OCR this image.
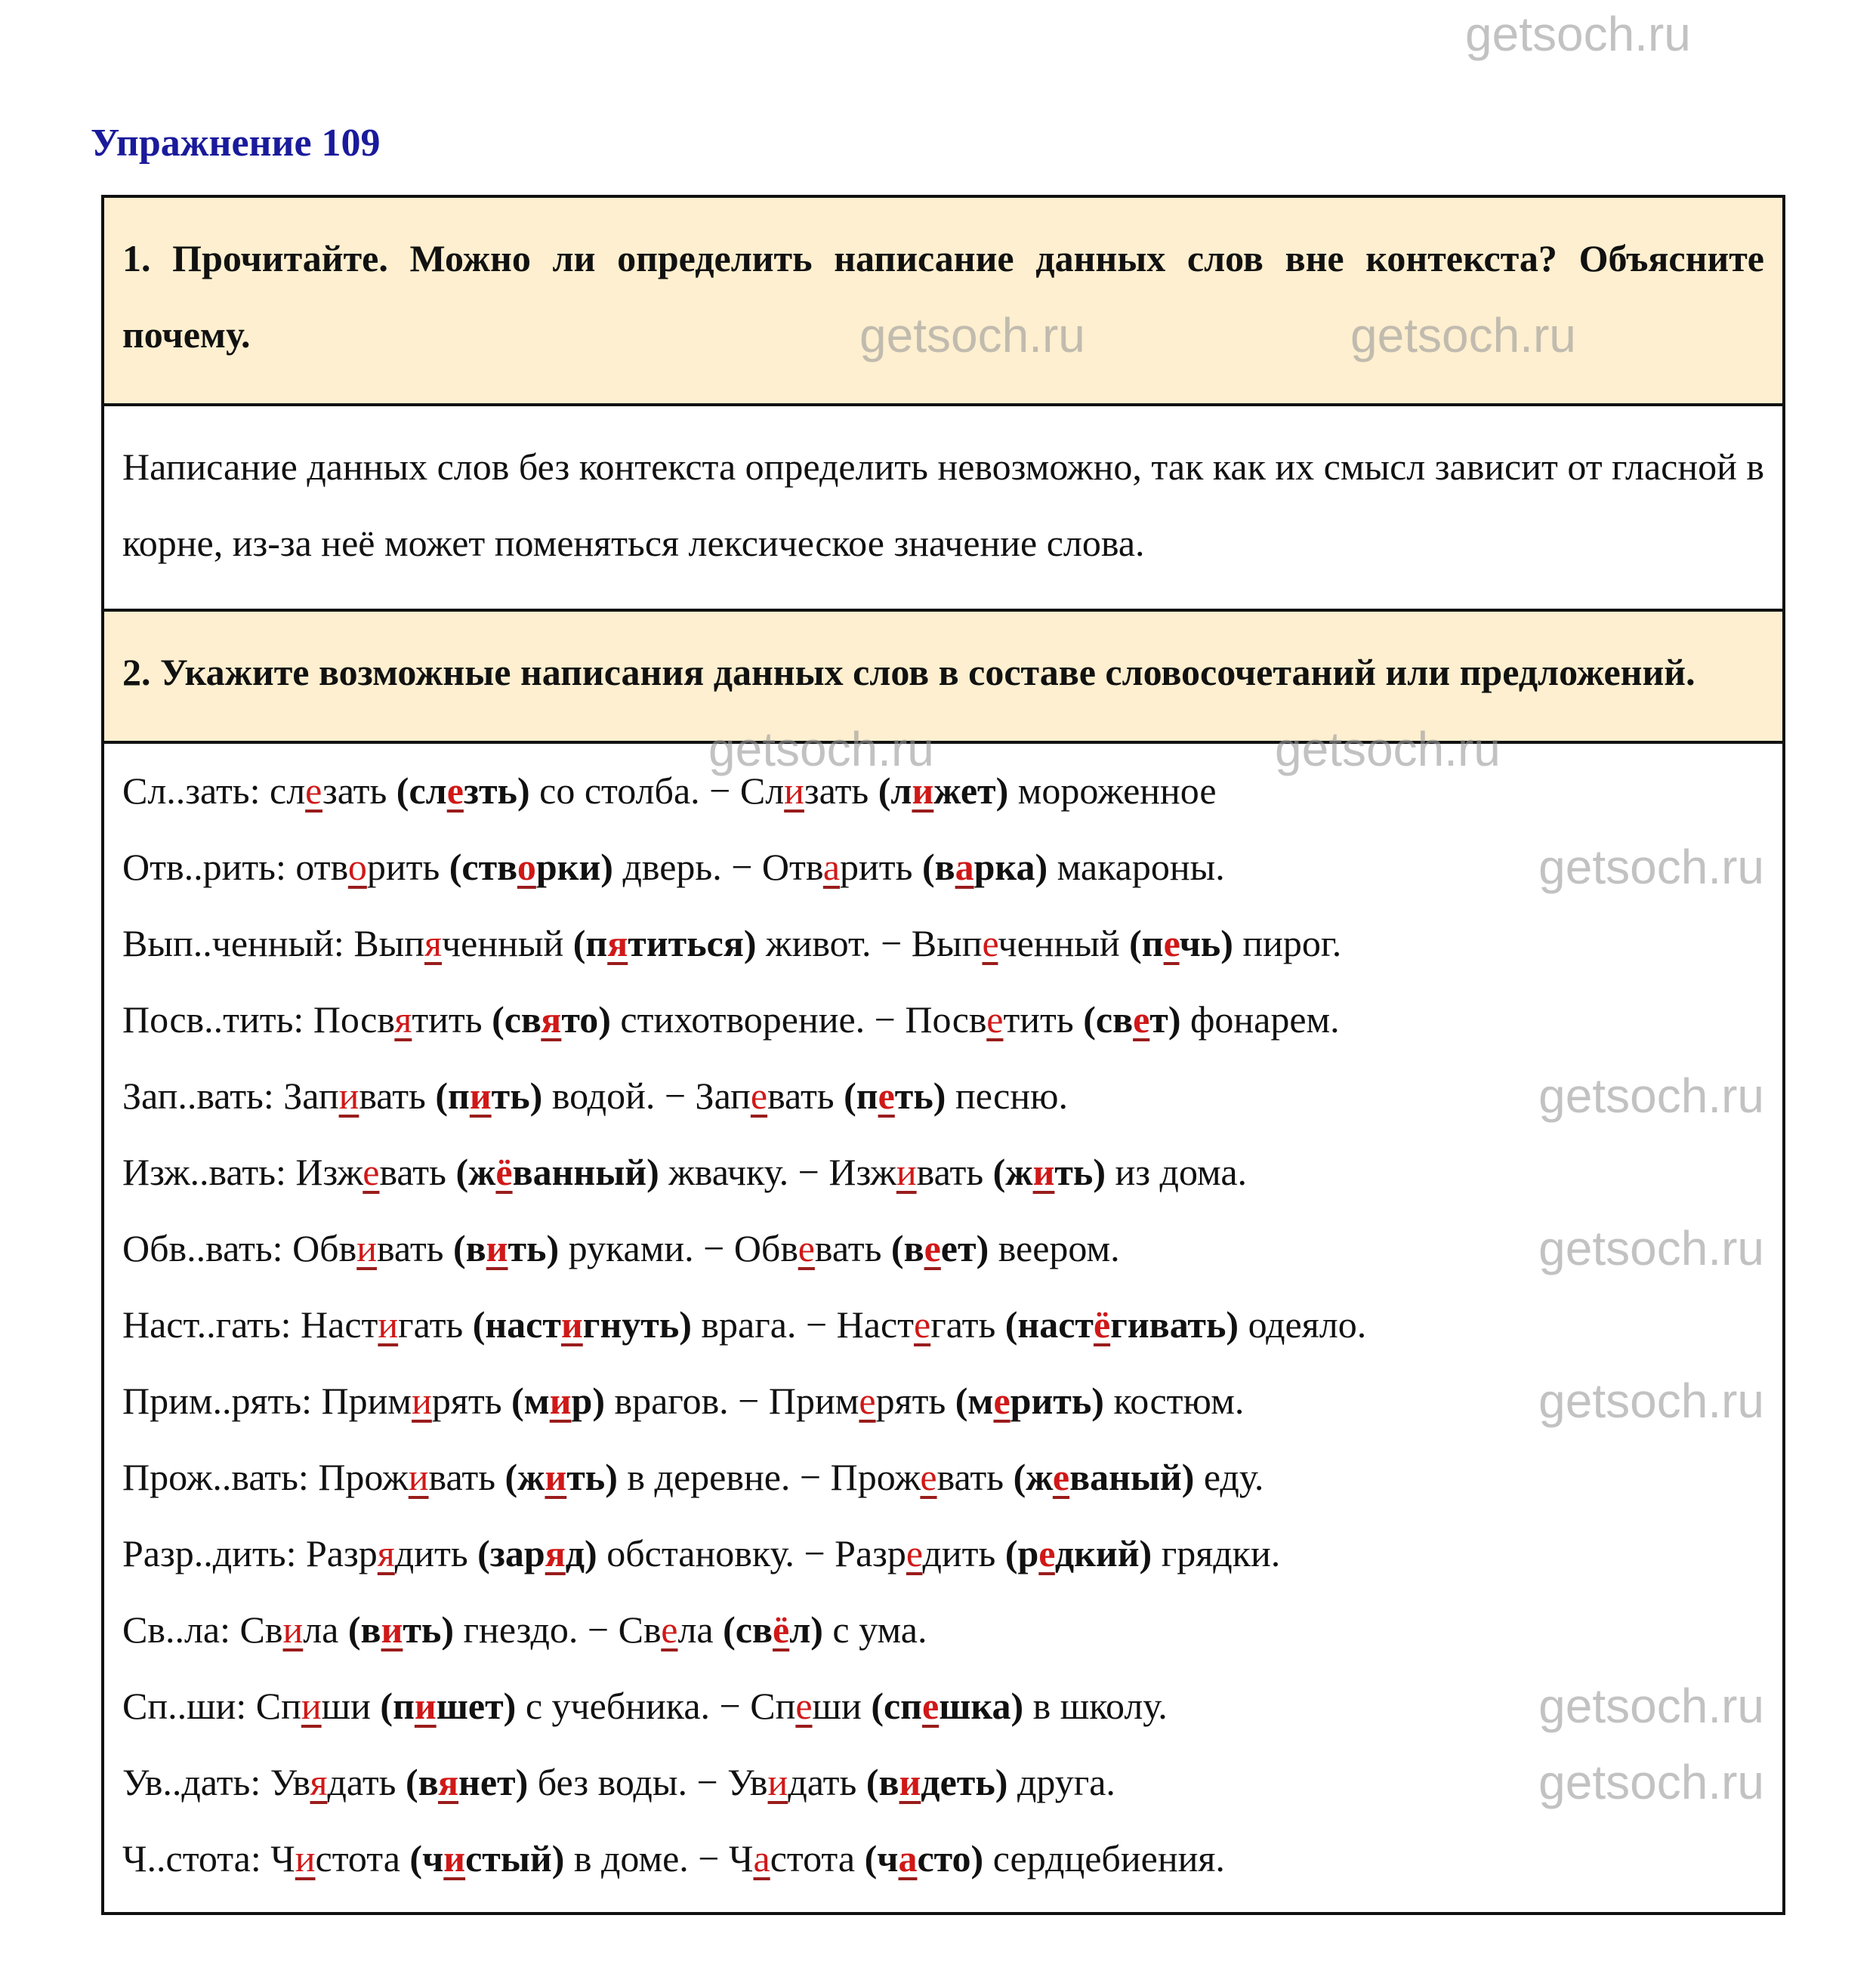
Упражнение 109
getsoch.ru
1. Прочитайте. Можно ли определить написание данных слов вне контекста? Объясните почему.	getsoch.ru	getsoch.ru
Написание данных слов без контекста определить невозможно, так как их смысл зависит от гласной в корне, из-за неё может поменяться лексическое значение слова.
2. Укажите возможные написания данных слов в составе словосочетаний или предложений.
getsoch.ru	getsoch.ru
Сл..зать: слезать (слезть) со столба. − Слизать (лижет) мороженное
Отв..рить: отворить (створки) дверь. − Отварить (варка) макароны.	getsoch.ru
Вып..ченный: Выпяченный (пятиться) живот. − Выпеченный (печь) пирог.
Посв..тить: Посвятить (свято) стихотворение. − Посветить (свет) фонарем.
Зап..вать: Запивать (пить) водой. − Запевать (петь) песню.	getsoch.ru
Изж..вать: Изжевать (жёванный) жвачку. − Изживать (жить) из дома.
Обв..вать: Обвивать (вить) руками. − Обвевать (веет) веером.	getsoch.ru
Наст..гать: Настигать (настигнуть) врага. − Настегать (настёгивать) одеяло.
Прим..рять: Примирять (мир) врагов. − Примерять (мерить) костюм.	getsoch.ru
Прож..вать: Проживать (жить) в деревне. − Прожевать (жеваный) еду.
Разр..дить: Разрядить (заряд) обстановку. − Разредить (редкий) грядки.
Св..ла: Свила (вить) гнездо. − Свела (свёл) с ума.
Сп..ши: Спиши (пишет) с учебника. − Спеши (спешка) в школу.	getsoch.ru
Ув..дать: Увядать (вянет) без воды. − Увидать (видеть) друга.	getsoch.ru
Ч..стота: Чистота (чистый) в доме. − Частота (часто) сердцебиения.
